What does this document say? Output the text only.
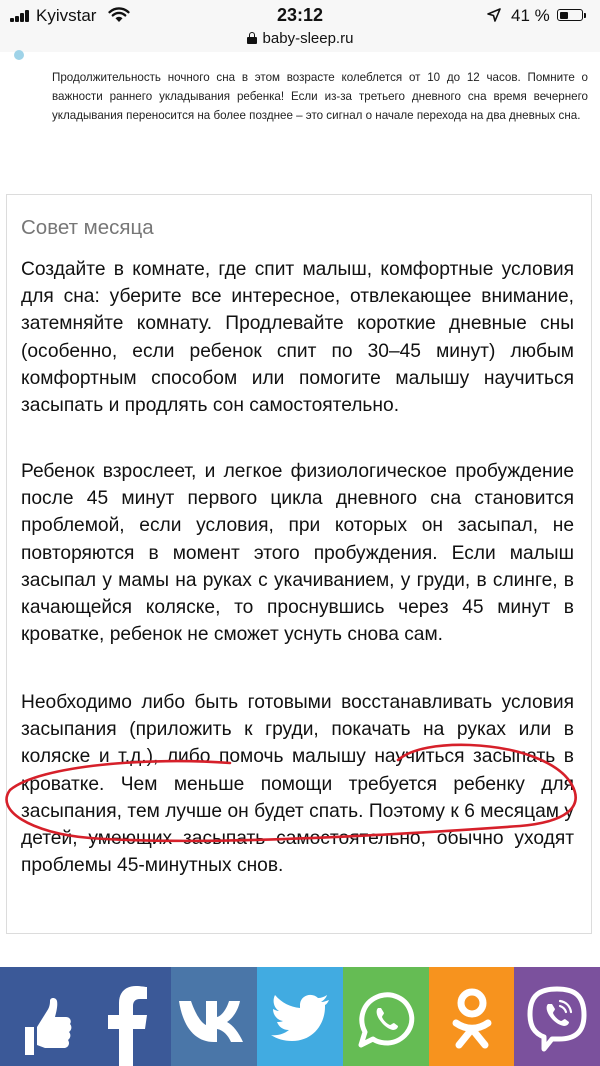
Kyivstar	23:12	41 %
baby-sleep.ru

Продолжительность ночного сна в этом возрасте колеблется от 10 до 12 часов. Помните о важности раннего укладывания ребенка! Если из-за третьего дневного сна время вечернего укладывания переносится на более позднее – это сигнал о начале перехода на два дневных сна.

Совет месяца

Создайте в комнате, где спит малыш, комфортные условия для сна: уберите все интересное, отвлекающее внимание, затемняйте комнату. Продлевайте короткие дневные сны (особенно, если ребенок спит по 30–45 минут) любым комфортным способом или помогите малышу научиться засыпать и продлять сон самостоятельно.

Ребенок взрослеет, и легкое физиологическое пробуждение после 45 минут первого цикла дневного сна становится проблемой, если условия, при которых он засыпал, не повторяются в момент этого пробуждения. Если малыш засыпал у мамы на руках с укачиванием, у груди, в слинге, в качающейся коляске, то проснувшись через 45 минут в кроватке, ребенок не сможет уснуть снова сам.

Необходимо либо быть готовыми восстанавливать условия засыпания (приложить к груди, покачать на руках или в коляске и т.д.), либо помочь малышу научиться засыпать в кроватке. Чем меньше помощи требуется ребенку для засыпания, тем лучше он будет спать. Поэтому к 6 месяцам у детей, умеющих засыпать самостоятельно, обычно уходят проблемы 45-минутных снов.
